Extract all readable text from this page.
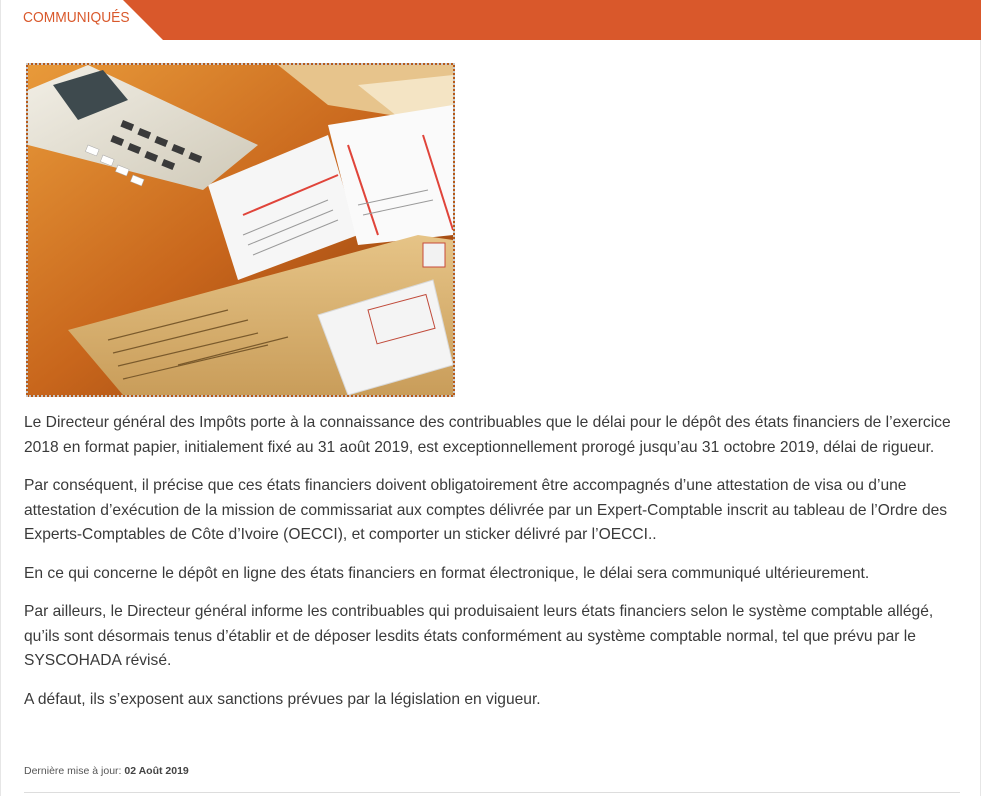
COMMUNIQUÉS

Le Directeur général des Impôts porte à la connaissance des contribuables que le délai pour le dépôt des états financiers de l’exercice 2018 en format papier, initialement fixé au 31 août 2019, est exceptionnellement prorogé jusqu’au 31 octobre 2019, délai de rigueur.

Par conséquent, il précise que ces états financiers doivent obligatoirement être accompagnés d’une attestation de visa ou d’une attestation d’exécution de la mission de commissariat aux comptes délivrée par un Expert-Comptable inscrit au tableau de l’Ordre des Experts-Comptables de Côte d’Ivoire (OECCI), et comporter un sticker délivré par l’OECCI..

En ce qui concerne le dépôt en ligne des états financiers en format électronique, le délai sera communiqué ultérieurement.

Par ailleurs, le Directeur général informe les contribuables qui produisaient leurs états financiers selon le système comptable allégé, qu’ils sont désormais tenus d’établir et de déposer lesdits états conformément au système comptable normal, tel que prévu par le SYSCOHADA révisé.

A défaut, ils s’exposent aux sanctions prévues par la législation en vigueur.

Dernière mise à jour: 02 Août 2019
